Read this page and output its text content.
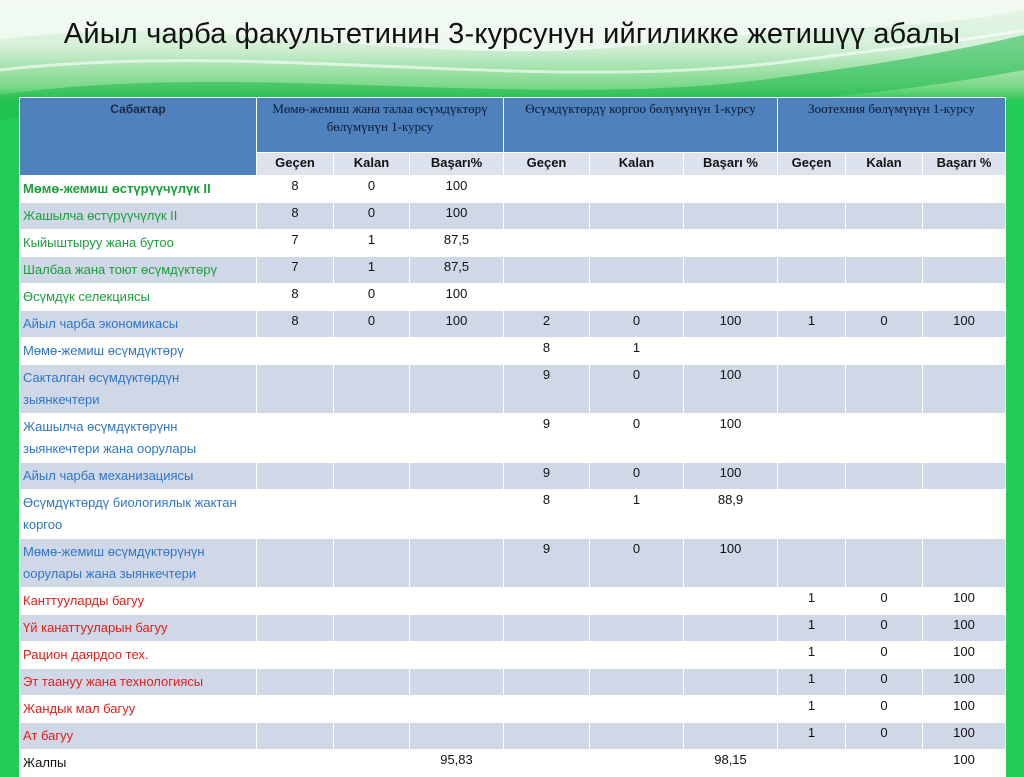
Айыл чарба факультетинин 3-курсунун ийгиликке жетишүү абалы
Сабактар	Мөмө-жемиш жана талаа өсүмдүктөрү бөлүмүнүн 1-курсу			Өсүмдүктөрдү коргоо бөлүмүнүн 1-курсу			Зоотехния бөлүмүнүн 1-курсу		
	Geçen	Kalan	Başarı%	Geçen	Kalan	Başarı %	Geçen	Kalan	Başarı %
Мөмө-жемиш өстүрүүчүлүк II	8	0	100						
Жашылча өстүрүүчүлүк II	8	0	100						
Кыйыштыруу жана бутоо	7	1	87,5						
Шалбаа жана тоют өсүмдүктөрү	7	1	87,5						
Өсүмдүк селекциясы	8	0	100						
Айыл чарба экономикасы	8	0	100	2	0	100	1	0	100
Мөмө-жемиш өсүмдүктөрү				8	1				
Сакталган өсүмдүктөрдүн зыянкечтери				9	0	100			
Жашылча өсүмдүктөрүнн зыянкечтери жана оорулары				9	0	100			
Айыл чарба механизациясы				9	0	100			
Өсүмдүктөрдү биологиялык жактан коргоо				8	1	88,9			
Мөмө-жемиш өсүмдүктөрүнүн оорулары жана зыянкечтери				9	0	100			
Канттууларды багуу							1	0	100
Үй канаттууларын багуу							1	0	100
Рацион даярдоо тех.							1	0	100
Эт таануу жана технологиясы							1	0	100
Жандык мал багуу							1	0	100
Ат багуу							1	0	100
Жалпы			95,83			98,15			100
